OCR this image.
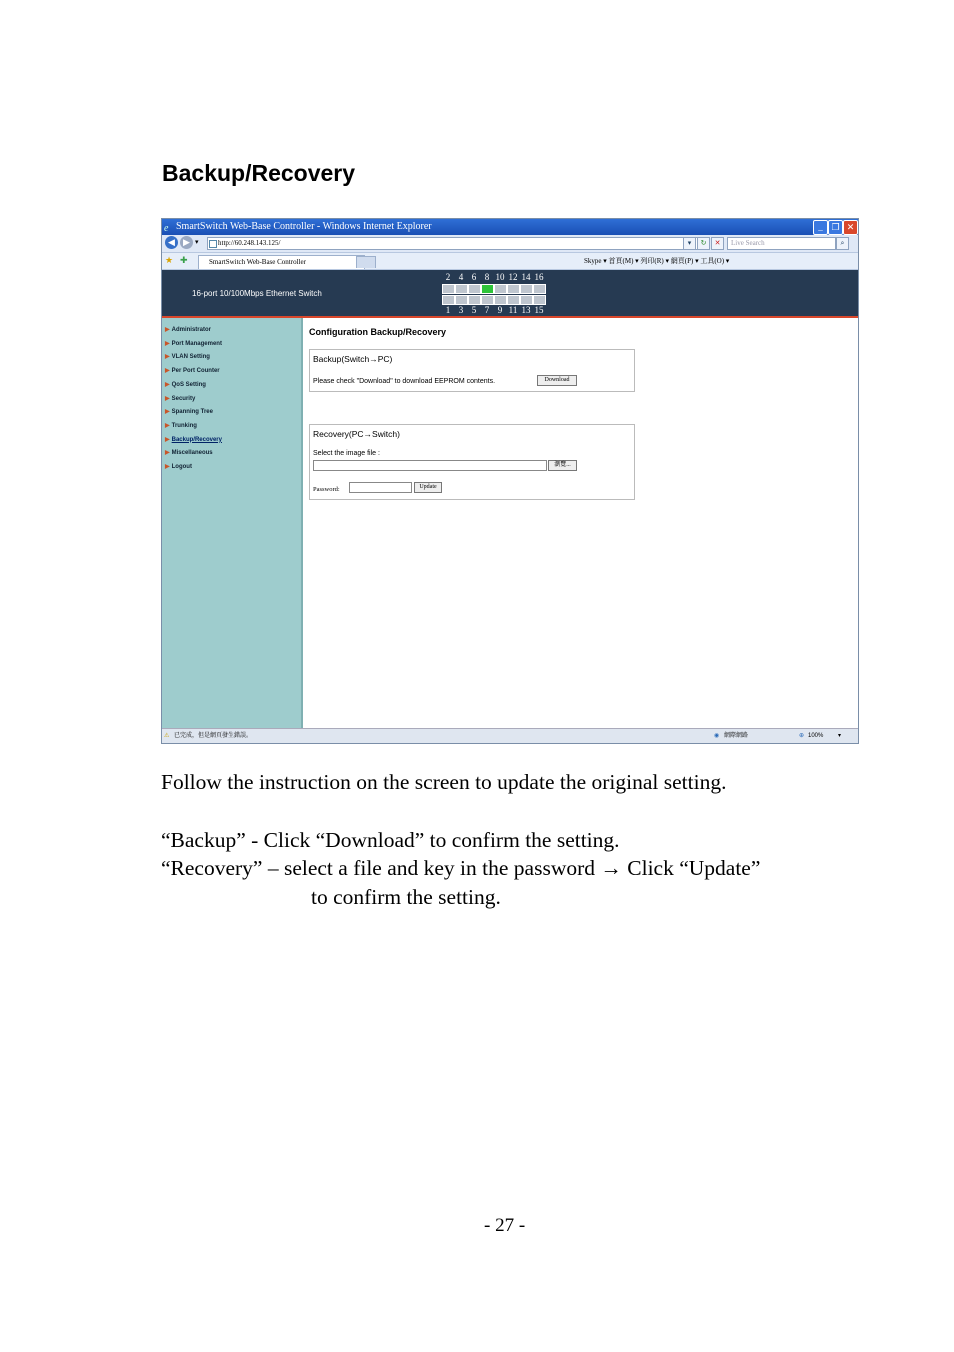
Backup/Recovery
e SmartSwitch Web-Base Controller - Windows Internet Explorer	_ ❐ ✕
◀ ▶ ▾	http://60.248.143.125/	▾	↻	✕	Live Search	⌕
★ ✚	SmartSwitch Web-Base Controller	Skype ▾ 首頁(M) ▾ 列印(R) ▾ 網頁(P) ▾ 工具(O) ▾
16-port 10/100Mbps Ethernet Switch
2
1
4
3
6
5
8
7
10
9
12
11
14
13
16
15
▶ Administrator
▶ Port Management
▶ VLAN Setting
▶ Per Port Counter
▶ QoS Setting
▶ Security
▶ Spanning Tree
▶ Trunking
▶ Backup/Recovery
▶ Miscellaneous
▶ Logout
Configuration Backup/Recovery
Backup(Switch→PC)
Please check "Download" to download EEPROM contents.	Download
Recovery(PC→Switch)
Select the image file :
瀏覽...
Password:	Update
⚠ 已完成，但是網頁發生錯誤。	◉ 網際網路	⊕ 100% ▾
Follow the instruction on the screen to update the original setting.
“Backup” - Click “Download” to confirm the setting.
“Recovery” – select a file and key in the password → Click “Update”
to confirm the setting.
- 27 -
